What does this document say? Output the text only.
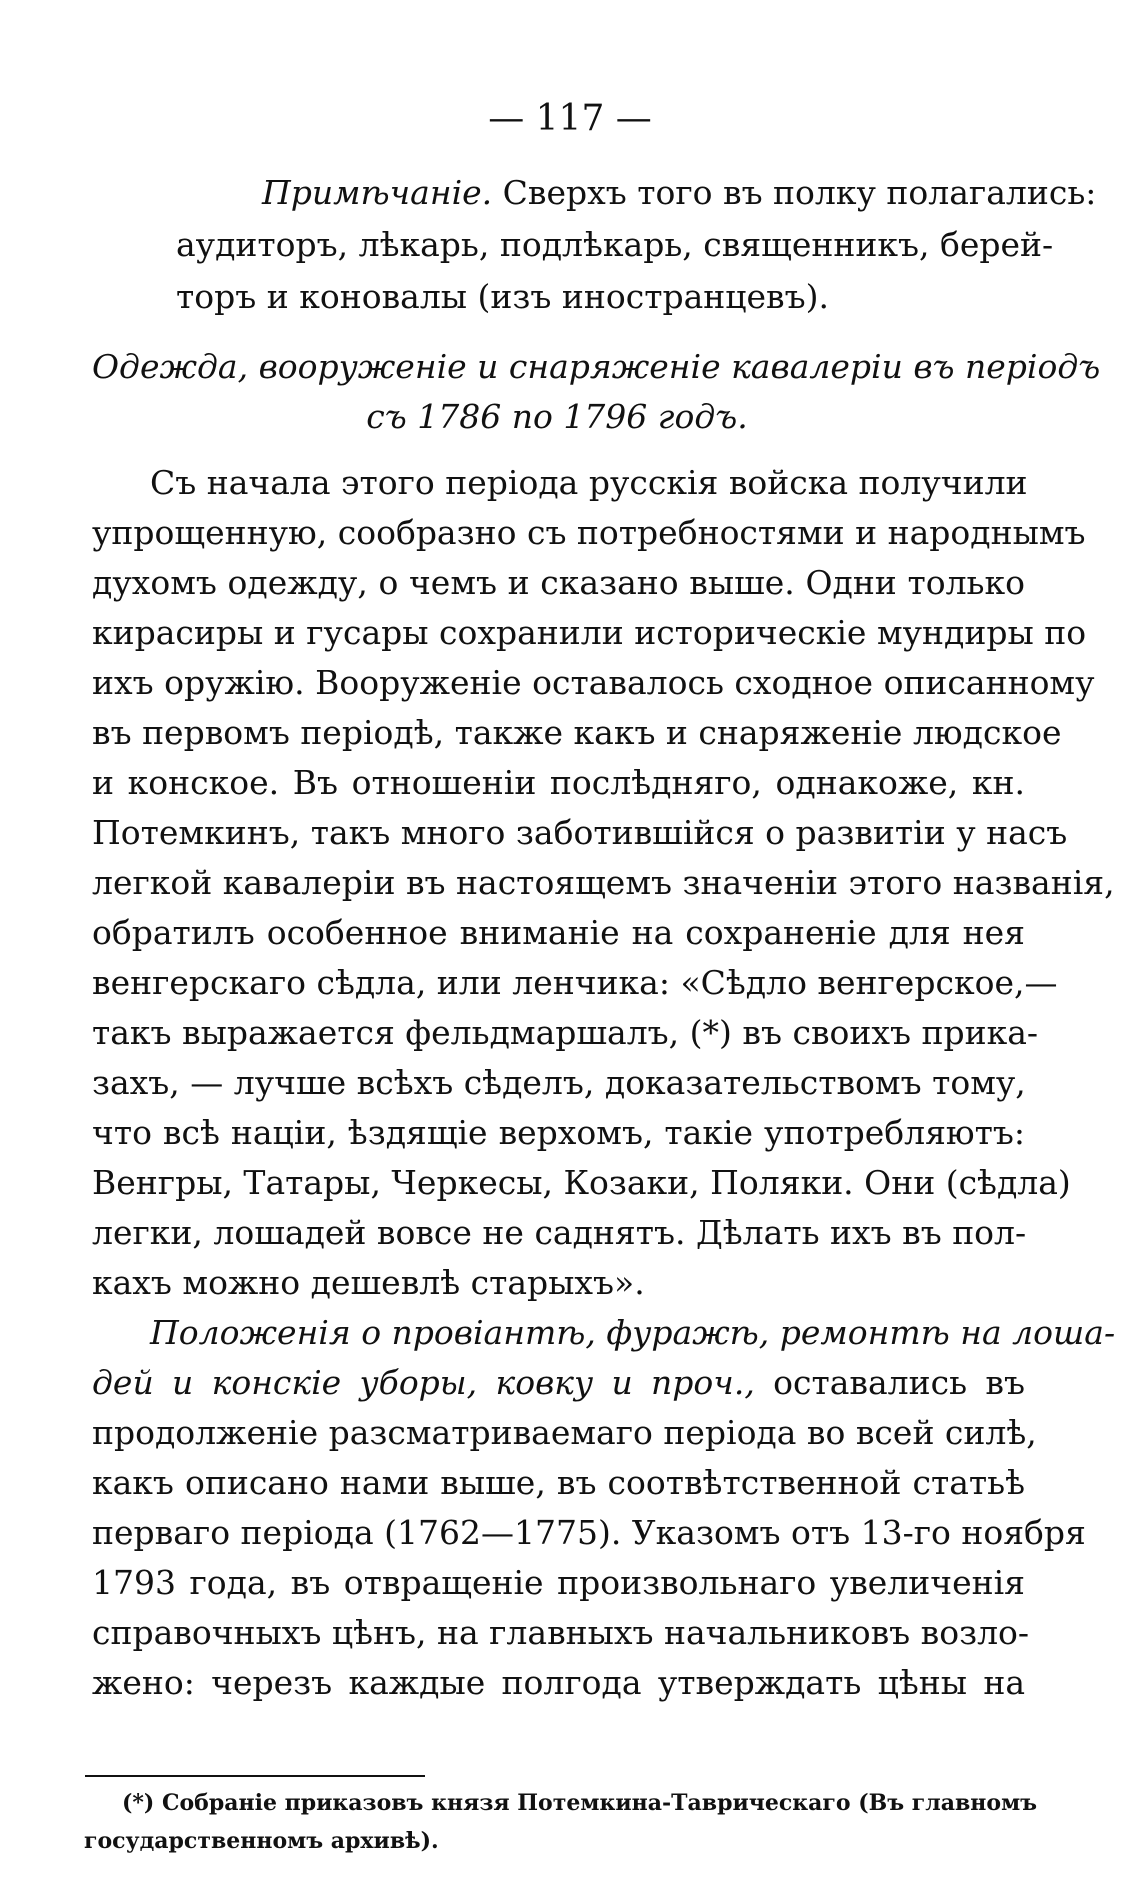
— 117 —
Примѣчаніе. Сверхъ того въ полку полагались:
аудиторъ, лѣкарь, подлѣкарь, священникъ, берей-
торъ и коновалы (изъ иностранцевъ).
Одежда, вооруженіе и снаряженіе кавалеріи въ періодъ
съ 1786 по 1796 годъ.
Съ начала этого періода русскія войска получили
упрощенную, сообразно съ потребностями и народнымъ
духомъ одежду, о чемъ и сказано выше. Одни только
кирасиры и гусары сохранили историческіе мундиры по
ихъ оружію. Вооруженіе оставалось сходное описанному
въ первомъ періодѣ, также какъ и снаряженіе людское
и конское. Въ отношеніи послѣдняго, однакоже, кн.
Потемкинъ, такъ много заботившійся о развитіи у насъ
легкой кавалеріи въ настоящемъ значеніи этого названія,
обратилъ особенное вниманіе на сохраненіе для нея
венгерскаго сѣдла, или ленчика: «Сѣдло венгерское,—
такъ выражается фельдмаршалъ, (*) въ своихъ прика-
захъ, — лучше всѣхъ сѣделъ, доказательствомъ тому,
что всѣ націи, ѣздящіе верхомъ, такіе употребляютъ:
Венгры, Татары, Черкесы, Козаки, Поляки. Они (сѣдла)
легки, лошадей вовсе не саднятъ. Дѣлать ихъ въ пол-
кахъ можно дешевлѣ старыхъ».
Положенія о провіантѣ, фуражѣ, ремонтѣ на лоша-
дей и конскіе уборы, ковку и проч., оставались въ
продолженіе разсматриваемаго періода во всей силѣ,
какъ описано нами выше, въ соотвѣтственной статьѣ
перваго періода (1762—1775). Указомъ отъ 13-го ноября
1793 года, въ отвращеніе произвольнаго увеличенія
справочныхъ цѣнъ, на главныхъ начальниковъ возло-
жено: черезъ каждые полгода утверждать цѣны на
(*) Собраніе приказовъ князя Потемкина-Таврическаго (Въ главномъ
государственномъ архивѣ).
